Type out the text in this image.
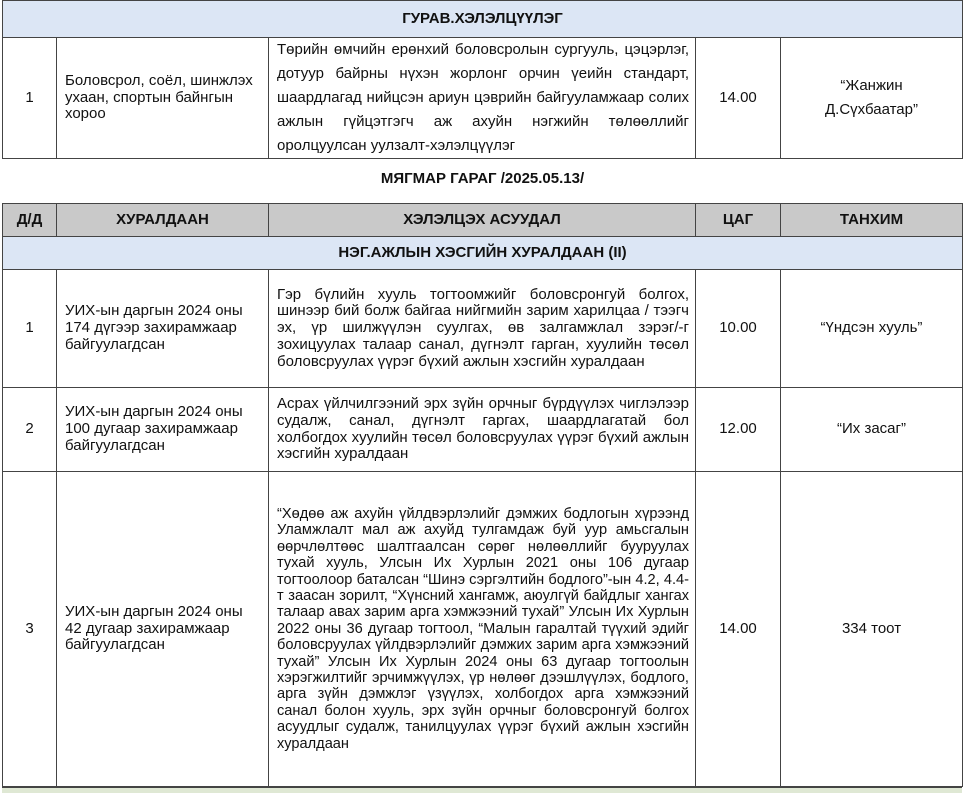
ГУРАВ.ХЭЛЭЛЦҮҮЛЭГ
1	Боловсрол, соёл, шинжлэх ухаан, спортын байнгын хороо	Төрийн өмчийн ерөнхий боловсролын сургууль, цэцэрлэг, дотуур байрны нүхэн жорлонг орчин үеийн стандарт, шаардлагад нийцсэн ариун цэврийн байгууламжаар солих ажлын гүйцэтгэгч аж ахуйн нэгжийн төлөөллийг оролцуулсан уулзалт-хэлэлцүүлэг	14.00	“Жанжин Д.Сүхбаатар”
МЯГМАР ГАРАГ /2025.05.13/
Д/Д	ХУРАЛДААН	ХЭЛЭЛЦЭХ АСУУДАЛ	ЦАГ	ТАНХИМ
НЭГ.АЖЛЫН ХЭСГИЙН ХУРАЛДААН (II)				
1	УИХ-ын даргын 2024 оны 174 дүгээр захирамжаар байгуулагдсан	Гэр бүлийн хууль тогтоомжийг боловсронгуй болгох, шинээр бий болж байгаа нийгмийн зарим харилцаа / тээгч эх, үр шилжүүлэн суулгах, өв залгамжлал зэрэг/-г зохицуулах талаар санал, дүгнэлт гарган, хуулийн төсөл боловсруулах үүрэг бүхий ажлын хэсгийн хуралдаан	10.00	“Үндсэн хууль”
2	УИХ-ын даргын 2024 оны 100 дугаар захирамжаар байгуулагдсан	Асрах үйлчилгээний эрх зүйн орчныг бүрдүүлэх чиглэлээр судалж, санал, дүгнэлт гаргах, шаардлагатай бол холбогдох хуулийн төсөл боловсруулах үүрэг бүхий ажлын хэсгийн хуралдаан	12.00	“Их засаг”
3	УИХ-ын даргын 2024 оны 42 дугаар захирамжаар байгуулагдсан	“Хөдөө аж ахуйн үйлдвэрлэлийг дэмжих бодлогын хүрээнд Уламжлалт мал аж ахуйд тулгамдаж буй уур амьсгалын өөрчлөлтөөс шалтгаалсан сөрөг нөлөөллийг бууруулах тухай хууль, Улсын Их Хурлын 2021 оны 106 дугаар тогтоолоор баталсан “Шинэ сэргэлтийн бодлого”-ын 4.2, 4.4-т заасан зорилт, “Хүнсний хангамж, аюулгүй байдлыг хангах талаар авах зарим арга хэмжээний тухай” Улсын Их Хурлын 2022 оны 36 дугаар тогтоол, “Малын гаралтай түүхий эдийг боловсруулах үйлдвэрлэлийг дэмжих зарим арга хэмжээний тухай” Улсын Их Хурлын 2024 оны 63 дугаар тогтоолын хэрэгжилтийг эрчимжүүлэх, үр нөлөөг дээшлүүлэх, бодлого, арга зүйн дэмжлэг үзүүлэх, холбогдох арга хэмжээний санал болон хууль, эрх зүйн орчныг боловсронгуй болгох асуудлыг судалж, танилцуулах үүрэг бүхий ажлын хэсгийн хуралдаан	14.00	334 тоот
